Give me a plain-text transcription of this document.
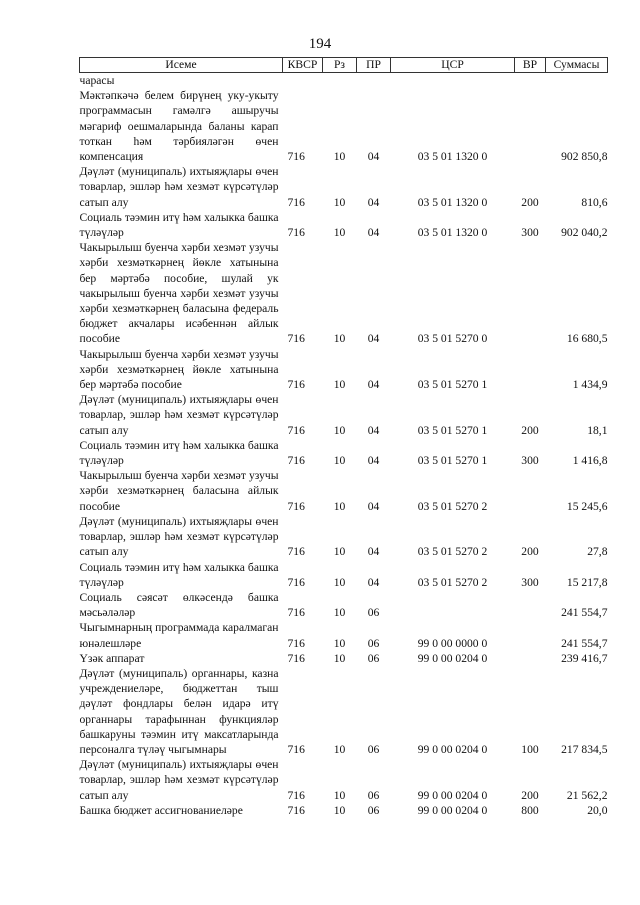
194
Исеме	КВСР	Рз	ПР	ЦСР	ВР	Суммасы
чарасы						
Мәктәпкәчә белем бирүнең уку-укыту программасын гамәлгә ашыручы мәгариф оешмаларында баланы карап тоткан һәм тәрбияләгән өчен компенсация	716	10	04	03 5 01 1320 0		902 850,8
Дәүләт (муниципаль) ихтыяҗлары өчен товарлар, эшләр һәм хезмәт күрсәтүләр сатып алу	716	10	04	03 5 01 1320 0	200	810,6
Социаль тәэмин итү һәм халыкка башка түләүләр	716	10	04	03 5 01 1320 0	300	902 040,2
Чакырылыш буенча хәрби хезмәт узучы хәрби хезмәткәрнең йөкле хатынына бер мәртәбә пособие, шулай ук чакырылыш буенча хәрби хезмәт узучы хәрби хезмәткәрнең баласына федераль бюджет акчалары исәбеннән айлык пособие	716	10	04	03 5 01 5270 0		16 680,5
Чакырылыш буенча хәрби хезмәт узучы хәрби хезмәткәрнең йөкле хатынына бер мәртәбә пособие	716	10	04	03 5 01 5270 1		1 434,9
Дәүләт (муниципаль) ихтыяҗлары өчен товарлар, эшләр һәм хезмәт күрсәтүләр сатып алу	716	10	04	03 5 01 5270 1	200	18,1
Социаль тәэмин итү һәм халыкка башка түләүләр	716	10	04	03 5 01 5270 1	300	1 416,8
Чакырылыш буенча хәрби хезмәт узучы хәрби хезмәткәрнең баласына айлык пособие	716	10	04	03 5 01 5270 2		15 245,6
Дәүләт (муниципаль) ихтыяҗлары өчен товарлар, эшләр һәм хезмәт күрсәтүләр сатып алу	716	10	04	03 5 01 5270 2	200	27,8
Социаль тәэмин итү һәм халыкка башка түләүләр	716	10	04	03 5 01 5270 2	300	15 217,8
Социаль сәясәт өлкәсендә башка мәсьәләләр	716	10	06			241 554,7
Чыгымнарның программада каралмаган юнәлешләре	716	10	06	99 0 00 0000 0		241 554,7
Үзәк аппарат	716	10	06	99 0 00 0204 0		239 416,7
Дәүләт (муниципаль) органнары, казна учреждениеләре, бюджеттан тыш дәүләт фондлары белән идарә итү органнары тарафыннан функцияләр башкаруны тәэмин итү максатларында персоналга түләү чыгымнары	716	10	06	99 0 00 0204 0	100	217 834,5
Дәүләт (муниципаль) ихтыяҗлары өчен товарлар, эшләр һәм хезмәт күрсәтүләр сатып алу	716	10	06	99 0 00 0204 0	200	21 562,2
Башка бюджет ассигнованиеләре	716	10	06	99 0 00 0204 0	800	20,0
